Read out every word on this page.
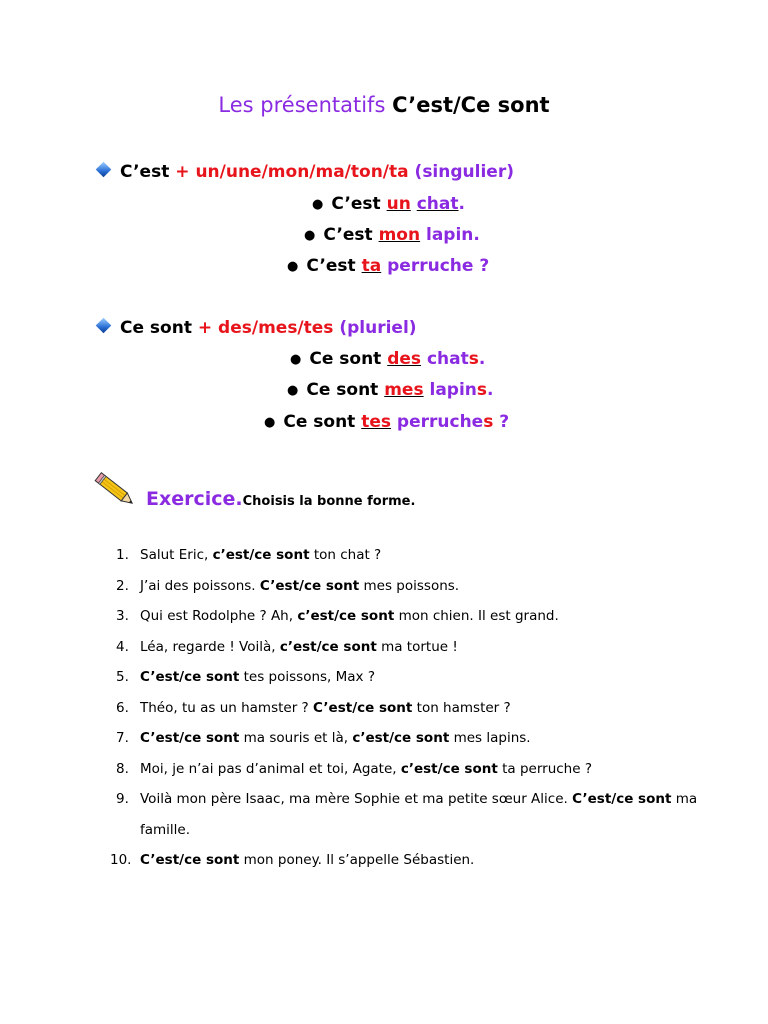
Les présentatifs C’est/Ce sont
C’est + un/une/mon/ma/ton/ta (singulier)
● C’est un chat.
● C’est mon lapin.
● C’est ta perruche ?
Ce sont + des/mes/tes (pluriel)
● Ce sont des chats.
● Ce sont mes lapins.
● Ce sont tes perruches ?
Exercice.Choisis la bonne forme.
1. Salut Eric, c’est/ce sont ton chat ?
2. J’ai des poissons. C’est/ce sont mes poissons.
3. Qui est Rodolphe ? Ah, c’est/ce sont mon chien. Il est grand.
4. Léa, regarde ! Voilà, c’est/ce sont ma tortue !
5. C’est/ce sont tes poissons, Max ?
6. Théo, tu as un hamster ? C’est/ce sont ton hamster ?
7. C’est/ce sont ma souris et là, c’est/ce sont mes lapins.
8. Moi, je n’ai pas d’animal et toi, Agate, c’est/ce sont ta perruche ?
9. Voilà mon père Isaac, ma mère Sophie et ma petite sœur Alice. C’est/ce sont ma famille.
10. C’est/ce sont mon poney. Il s’appelle Sébastien.
